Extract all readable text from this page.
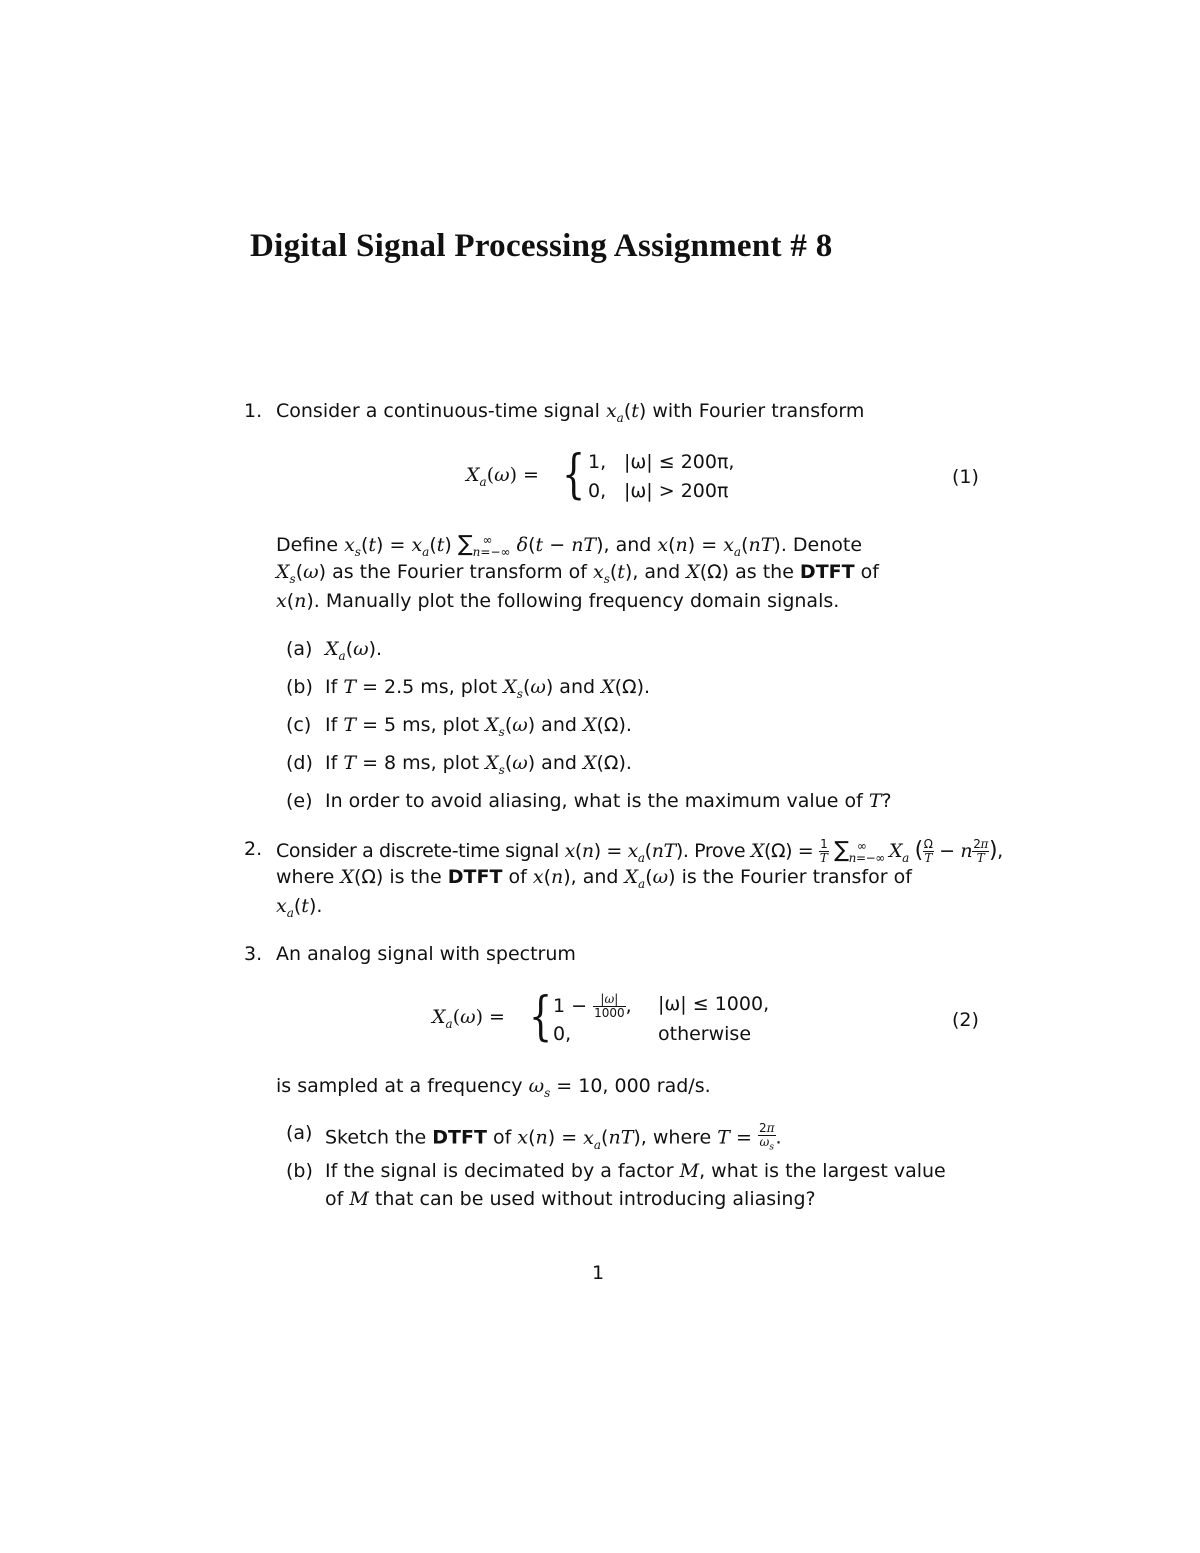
Digital Signal Processing Assignment # 8
1. Consider a continuous-time signal $x_a(t)$ with Fourier transform
$X_a(\omega)$ = { 1, |ω| ≤ 200π,
0, |ω| > 200π
(1)
Define $x_s(t) = x_a(t)$ $\sum_{n=-\infty}^\infty$ δ(t − nT), and $x(n) = x_a(nT)$. Denote
$X_s(\omega)$ as the Fourier transform of $x_s(t)$, and X(Ω) as the DTFT of
x(n). Manually plot the following frequency domain signals.
(a) $X_a(\omega)$.
(b) If T = 2.5 ms, plot $X_s(\omega)$ and X(Ω).
(c) If T = 5 ms, plot $X_s(\omega)$ and X(Ω).
(d) If T = 8 ms, plot $X_s(\omega)$ and X(Ω).
(e) In order to avoid aliasing, what is the maximum value of T?
2. Consider a discrete-time signal $x(n) = x_a(nT)$. Prove $X(\Omega) = \frac{1}{T} \sum_{n=-\infty}^\infty$ $X_a$ ( $\frac{\Omega}{T} - n \frac{2\pi}{T}$ ),
where X(Ω) is the DTFT of x(n), and $X_a(\omega)$ is the Fourier transfor of
$x_a(t)$.
3. An analog signal with spectrum
$X_a(\omega)$ = { $1 - \frac{|\omega|}{1000}$ , |ω| ≤ 1000,
0,	otherwise
(2)
is sampled at a frequency $\omega_s = 10$, 000 rad/s.
(a) Sketch the DTFT of $x(n) = x_a(nT)$, where $T = \frac{2\pi}{\omega_s}$ .
(b) If the signal is decimated by a factor M, what is the largest value
of M that can be used without introducing aliasing?
1
